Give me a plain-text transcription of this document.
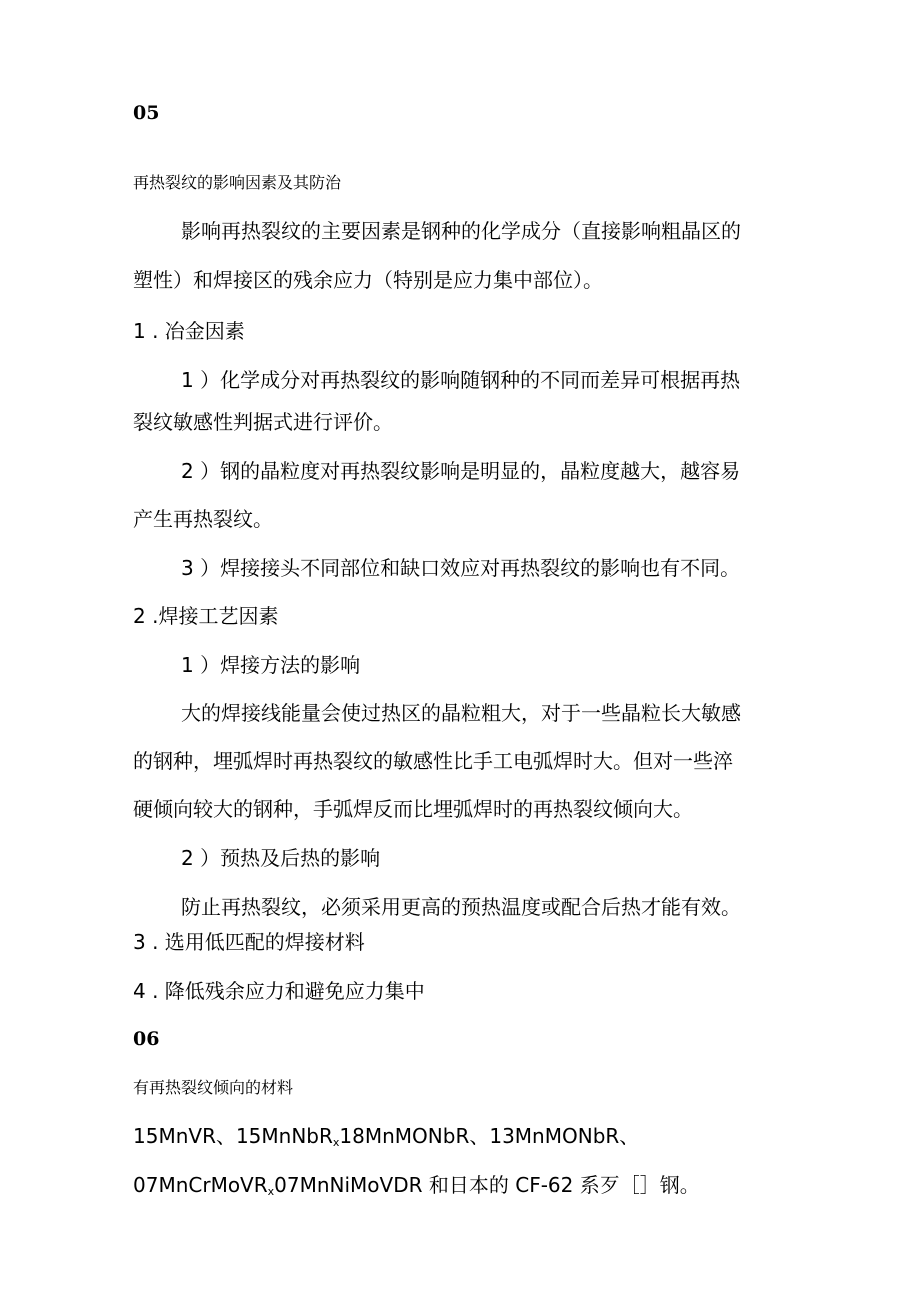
05
再热裂纹的影响因素及其防治
影响再热裂纹的主要因素是钢种的化学成分（直接影响粗晶区的
塑性）和焊接区的残余应力（特别是应力集中部位）。
1 . 冶金因素
1 ）化学成分对再热裂纹的影响随钢种的不同而差异可根据再热
裂纹敏感性判据式进行评价。
2 ）钢的晶粒度对再热裂纹影响是明显的，晶粒度越大，越容易
产生再热裂纹。
3 ）焊接接头不同部位和缺口效应对再热裂纹的影响也有不同。
2 .焊接工艺因素
1 ）焊接方法的影响
大的焊接线能量会使过热区的晶粒粗大，对于一些晶粒长大敏感
的钢种，埋弧焊时再热裂纹的敏感性比手工电弧焊时大。但对一些淬
硬倾向较大的钢种，手弧焊反而比埋弧焊时的再热裂纹倾向大。
2 ）预热及后热的影响
防止再热裂纹，必须采用更高的预热温度或配合后热才能有效。
3 . 选用低匹配的焊接材料
4 . 降低残余应力和避免应力集中
06
有再热裂纹倾向的材料
15MnVR、15MnNbR$_x$18MnMONbR、13MnMONbR、
07MnCrMoVR$_x$07MnNiMoVDR 和日本的 CF-62 系歹［］钢。
